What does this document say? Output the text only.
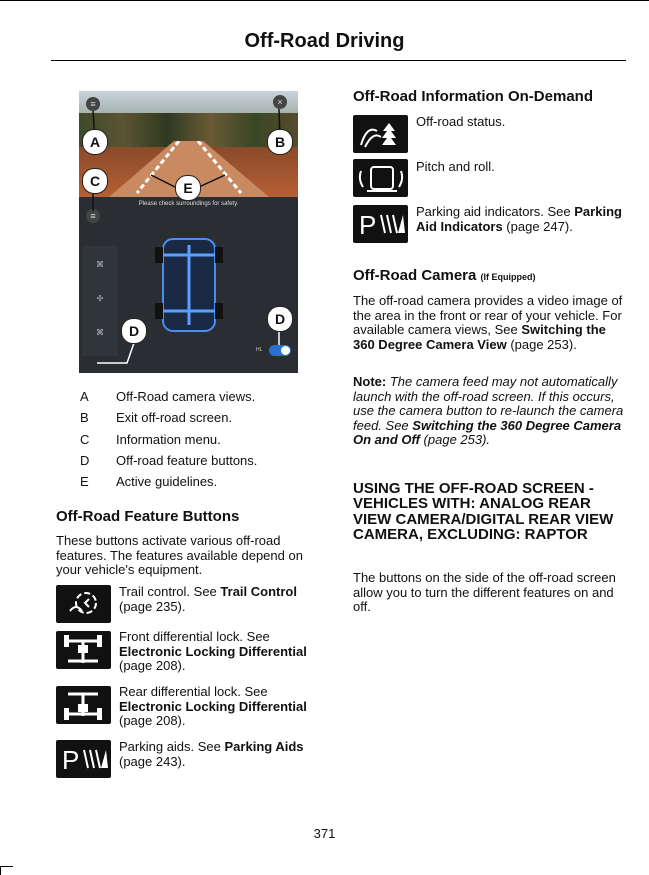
Off-Road Driving
Please check surroundings for safety.
⌘
✣
⌘
≡	×
≡
HL
A	B
C
D
E
D
A	Off-Road camera views.
B	Exit off-road screen.
C	Information menu.
D	Off-road feature buttons.
E	Active guidelines.
Off-Road Feature Buttons
These buttons activate various off-road features. The features available depend on your vehicle's equipment.
Trail control. See Trail Control (page 235).
Front differential lock. See Electronic Locking Differential (page 208).
Rear differential lock. See Electronic Locking Differential (page 208).
P	Parking aids. See Parking Aids (page 243).
Off-Road Information On-Demand
Off-road status.
Pitch and roll.
P	Parking aid indicators. See Parking Aid Indicators (page 247).
Off-Road Camera (If Equipped)
The off-road camera provides a video image of the area in the front or rear of your vehicle. For available camera views, See Switching the 360 Degree Camera View (page 253).
Note: The camera feed may not automatically launch with the off-road screen. If this occurs, use the camera button to re-launch the camera feed. See Switching the 360 Degree Camera On and Off (page 253).
USING THE OFF-ROAD SCREEN - VEHICLES WITH: ANALOG REAR VIEW CAMERA/DIGITAL REAR VIEW CAMERA, EXCLUDING: RAPTOR
The buttons on the side of the off-road screen allow you to turn the different features on and off.
371
